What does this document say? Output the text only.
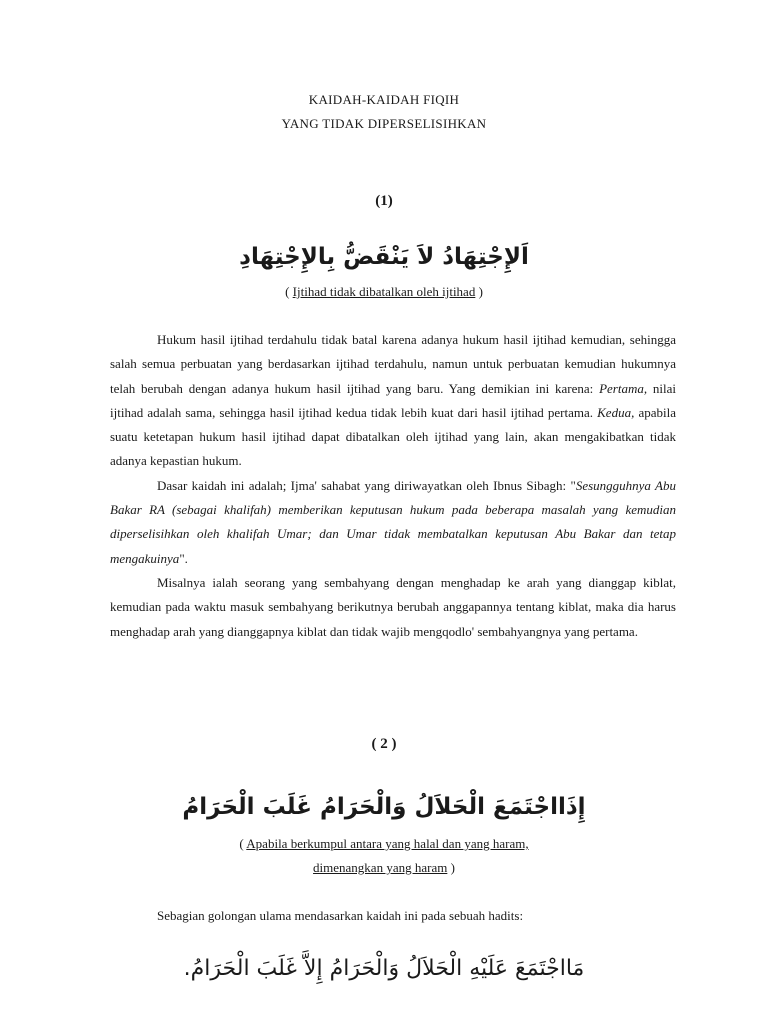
KAIDAH-KAIDAH FIQIH
YANG TIDAK DIPERSELISIHKAN
(1)
اَلإِجْتِهَادُ لاَ يَنْقَضُّ بِالإِجْتِهَادِ
( Ijtihad tidak dibatalkan oleh ijtihad )

Hukum hasil ijtihad terdahulu tidak batal karena adanya hukum hasil ijtihad kemudian, sehingga salah semua perbuatan yang berdasarkan ijtihad terdahulu, namun untuk perbuatan kemudian hukumnya telah berubah dengan adanya hukum hasil ijtihad yang baru. Yang demikian ini karena: Pertama, nilai ijtihad adalah sama, sehingga hasil ijtihad kedua tidak lebih kuat dari hasil ijtihad pertama. Kedua, apabila suatu ketetapan hukum hasil ijtihad dapat dibatalkan oleh ijtihad yang lain, akan mengakibatkan tidak adanya kepastian hukum.

Dasar kaidah ini adalah; Ijma' sahabat yang diriwayatkan oleh Ibnus Sibagh: "Sesungguhnya Abu Bakar RA (sebagai khalifah) memberikan keputusan hukum pada beberapa masalah yang kemudian diperselisihkan oleh khalifah Umar; dan Umar tidak membatalkan keputusan Abu Bakar dan tetap mengakuinya".

Misalnya ialah seorang yang sembahyang dengan menghadap ke arah yang dianggap kiblat, kemudian pada waktu masuk sembahyang berikutnya berubah anggapannya tentang kiblat, maka dia harus menghadap arah yang dianggapnya kiblat dan tidak wajib mengqodlo' sembahyangnya yang pertama.

( 2 )
إِذَااجْتَمَعَ الْحَلاَلُ وَالْحَرَامُ غَلَبَ الْحَرَامُ
( Apabila berkumpul antara yang halal dan yang haram,
dimenangkan yang haram )
Sebagian golongan ulama mendasarkan kaidah ini pada sebuah hadits:
مَااجْتَمَعَ عَلَيْهِ الْحَلاَلُ وَالْحَرَامُ إِلاَّ غَلَبَ الْحَرَامُ.
